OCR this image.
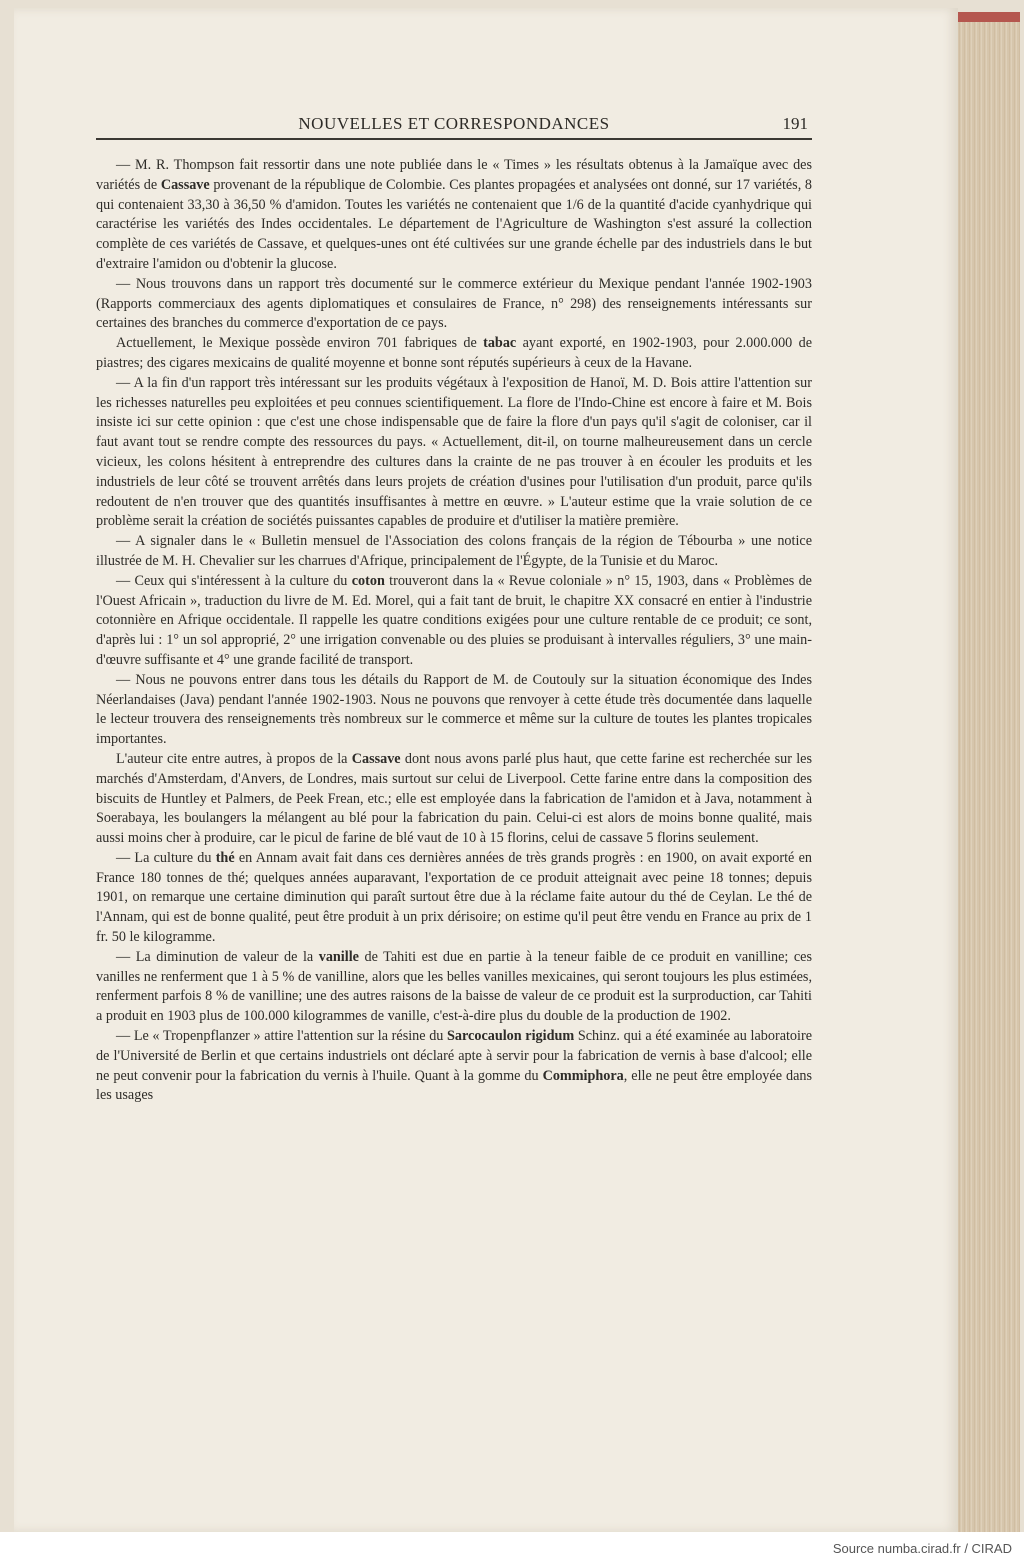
NOUVELLES ET CORRESPONDANCES	191

— M. R. Thompson fait ressortir dans une note publiée dans le « Times » les résultats obtenus à la Jamaïque avec des variétés de Cassave provenant de la république de Colombie. Ces plantes propagées et analysées ont donné, sur 17 variétés, 8 qui contenaient 33,30 à 36,50 % d'amidon. Toutes les variétés ne contenaient que 1/6 de la quantité d'acide cyanhydrique qui caractérise les variétés des Indes occidentales. Le département de l'Agriculture de Washington s'est assuré la collection complète de ces variétés de Cassave, et quelques-unes ont été cultivées sur une grande échelle par des industriels dans le but d'extraire l'amidon ou d'obtenir la glucose.

— Nous trouvons dans un rapport très documenté sur le commerce extérieur du Mexique pendant l'année 1902-1903 (Rapports commerciaux des agents diplomatiques et consulaires de France, n° 298) des renseignements intéressants sur certaines des branches du commerce d'exportation de ce pays.

Actuellement, le Mexique possède environ 701 fabriques de tabac ayant exporté, en 1902-1903, pour 2.000.000 de piastres; des cigares mexicains de qualité moyenne et bonne sont réputés supérieurs à ceux de la Havane.

— A la fin d'un rapport très intéressant sur les produits végétaux à l'exposition de Hanoï, M. D. Bois attire l'attention sur les richesses naturelles peu exploitées et peu connues scientifiquement. La flore de l'Indo-Chine est encore à faire et M. Bois insiste ici sur cette opinion : que c'est une chose indispensable que de faire la flore d'un pays qu'il s'agit de coloniser, car il faut avant tout se rendre compte des ressources du pays. « Actuellement, dit-il, on tourne malheureusement dans un cercle vicieux, les colons hésitent à entreprendre des cultures dans la crainte de ne pas trouver à en écouler les produits et les industriels de leur côté se trouvent arrêtés dans leurs projets de création d'usines pour l'utilisation d'un produit, parce qu'ils redoutent de n'en trouver que des quantités insuffisantes à mettre en œuvre. » L'auteur estime que la vraie solution de ce problème serait la création de sociétés puissantes capables de produire et d'utiliser la matière première.

— A signaler dans le « Bulletin mensuel de l'Association des colons français de la région de Tébourba » une notice illustrée de M. H. Chevalier sur les charrues d'Afrique, principalement de l'Égypte, de la Tunisie et du Maroc.

— Ceux qui s'intéressent à la culture du coton trouveront dans la « Revue coloniale » n° 15, 1903, dans « Problèmes de l'Ouest Africain », traduction du livre de M. Ed. Morel, qui a fait tant de bruit, le chapitre XX consacré en entier à l'industrie cotonnière en Afrique occidentale. Il rappelle les quatre conditions exigées pour une culture rentable de ce produit; ce sont, d'après lui : 1° un sol approprié, 2° une irrigation convenable ou des pluies se produisant à intervalles réguliers, 3° une main-d'œuvre suffisante et 4° une grande facilité de transport.

— Nous ne pouvons entrer dans tous les détails du Rapport de M. de Coutouly sur la situation économique des Indes Néerlandaises (Java) pendant l'année 1902-1903. Nous ne pouvons que renvoyer à cette étude très documentée dans laquelle le lecteur trouvera des renseignements très nombreux sur le commerce et même sur la culture de toutes les plantes tropicales importantes.

L'auteur cite entre autres, à propos de la Cassave dont nous avons parlé plus haut, que cette farine est recherchée sur les marchés d'Amsterdam, d'Anvers, de Londres, mais surtout sur celui de Liverpool. Cette farine entre dans la composition des biscuits de Huntley et Palmers, de Peek Frean, etc.; elle est employée dans la fabrication de l'amidon et à Java, notamment à Soerabaya, les boulangers la mélangent au blé pour la fabrication du pain. Celui-ci est alors de moins bonne qualité, mais aussi moins cher à produire, car le picul de farine de blé vaut de 10 à 15 florins, celui de cassave 5 florins seulement.

— La culture du thé en Annam avait fait dans ces dernières années de très grands progrès : en 1900, on avait exporté en France 180 tonnes de thé; quelques années auparavant, l'exportation de ce produit atteignait avec peine 18 tonnes; depuis 1901, on remarque une certaine diminution qui paraît surtout être due à la réclame faite autour du thé de Ceylan. Le thé de l'Annam, qui est de bonne qualité, peut être produit à un prix dérisoire; on estime qu'il peut être vendu en France au prix de 1 fr. 50 le kilogramme.

— La diminution de valeur de la vanille de Tahiti est due en partie à la teneur faible de ce produit en vanilline; ces vanilles ne renferment que 1 à 5 % de vanilline, alors que les belles vanilles mexicaines, qui seront toujours les plus estimées, renferment parfois 8 % de vanilline; une des autres raisons de la baisse de valeur de ce produit est la surproduction, car Tahiti a produit en 1903 plus de 100.000 kilogrammes de vanille, c'est-à-dire plus du double de la production de 1902.

— Le « Tropenpflanzer » attire l'attention sur la résine du Sarcocaulon rigidum Schinz. qui a été examinée au laboratoire de l'Université de Berlin et que certains industriels ont déclaré apte à servir pour la fabrication de vernis à base d'alcool; elle ne peut convenir pour la fabrication du vernis à l'huile. Quant à la gomme du Commiphora, elle ne peut être employée dans les usages

Source numba.cirad.fr / CIRAD
